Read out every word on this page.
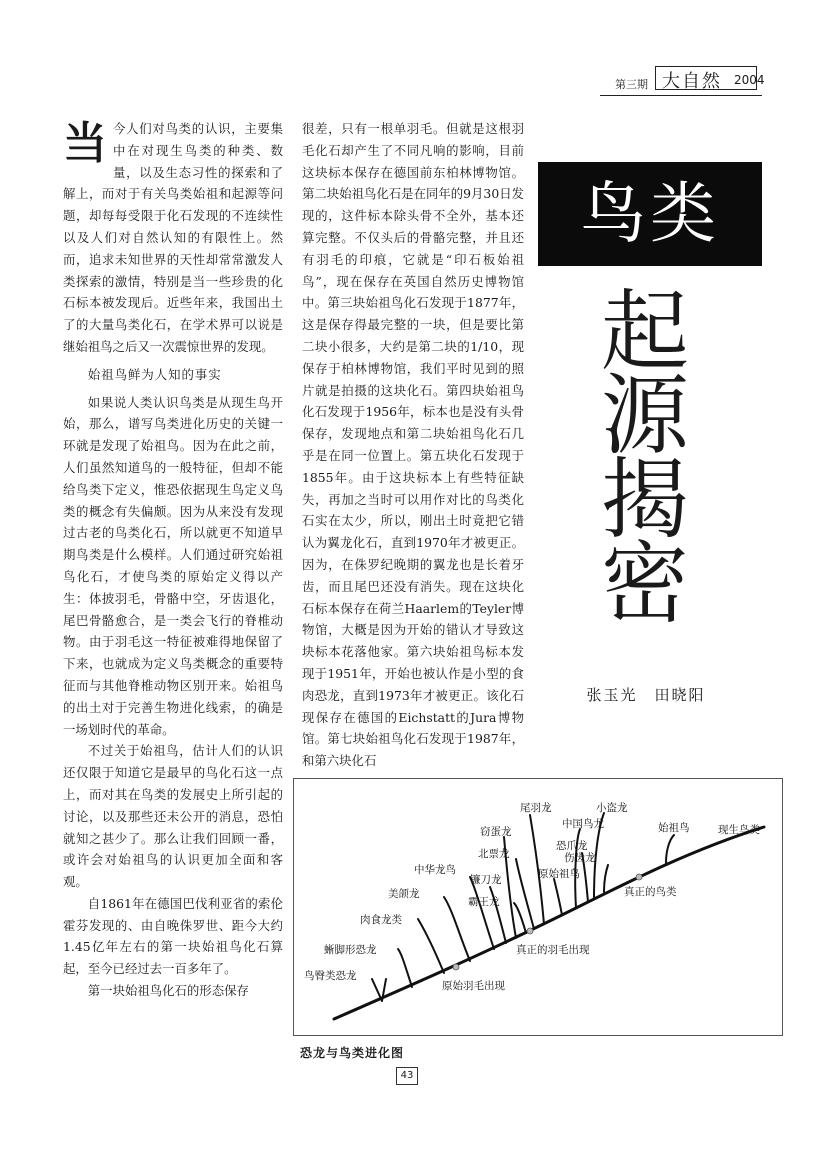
第三期 大自然 2004
鸟类
起
源
揭
密
张玉光　田晓阳

当今人们对鸟类的认识，主要集中在对现生鸟类的种类、数量，以及生态习性的探索和了解上，而对于有关鸟类始祖和起源等问题，却每每受限于化石发现的不连续性以及人们对自然认知的有限性上。然而，追求未知世界的天性却常常激发人类探索的激情，特别是当一些珍贵的化石标本被发现后。近些年来，我国出土了的大量鸟类化石，在学术界可以说是继始祖鸟之后又一次震惊世界的发现。

始祖鸟鲜为人知的事实

如果说人类认识鸟类是从现生鸟开始，那么，谱写鸟类进化历史的关键一环就是发现了始祖鸟。因为在此之前，人们虽然知道鸟的一般特征，但却不能给鸟类下定义，惟恐依据现生鸟定义鸟类的概念有失偏颇。因为从来没有发现过古老的鸟类化石，所以就更不知道早期鸟类是什么模样。人们通过研究始祖鸟化石，才使鸟类的原始定义得以产生：体披羽毛，骨骼中空，牙齿退化，尾巴骨骼愈合，是一类会飞行的脊椎动物。由于羽毛这一特征被难得地保留了下来，也就成为定义鸟类概念的重要特征而与其他脊椎动物区别开来。始祖鸟的出土对于完善生物进化线索，的确是一场划时代的革命。

不过关于始祖鸟，估计人们的认识还仅限于知道它是最早的鸟化石这一点上，而对其在鸟类的发展史上所引起的讨论，以及那些还未公开的消息，恐怕就知之甚少了。那么让我们回顾一番，或许会对始祖鸟的认识更加全面和客观。

自1861年在德国巴伐利亚省的索伦霍芬发现的、由自晚侏罗世、距今大约1.45亿年左右的第一块始祖鸟化石算起，至今已经过去一百多年了。

第一块始祖鸟化石的形态保存

很差，只有一根单羽毛。但就是这根羽毛化石却产生了不同凡响的影响，目前这块标本保存在德国前东柏林博物馆。第二块始祖鸟化石是在同年的9月30日发现的，这件标本除头骨不全外，基本还算完整。不仅头后的骨骼完整，并且还有羽毛的印痕，它就是“印石板始祖鸟”，现在保存在英国自然历史博物馆中。第三块始祖鸟化石发现于1877年，这是保存得最完整的一块，但是要比第二块小很多，大约是第二块的1/10，现保存于柏林博物馆，我们平时见到的照片就是拍摄的这块化石。第四块始祖鸟化石发现于1956年，标本也是没有头骨保存，发现地点和第二块始祖鸟化石几乎是在同一位置上。第五块化石发现于1855年。由于这块标本上有些特征缺失，再加之当时可以用作对比的鸟类化石实在太少，所以，刚出土时竟把它错认为翼龙化石，直到1970年才被更正。因为，在侏罗纪晚期的翼龙也是长着牙齿，而且尾巴还没有消失。现在这块化石标本保存在荷兰Haarlem的Teyler博物馆，大概是因为开始的错认才导致这块标本花落他家。第六块始祖鸟标本发现于1951年，开始也被认作是小型的食肉恐龙，直到1973年才被更正。该化石现保存在德国的Eichstatt的Jura博物馆。第七块始祖鸟化石发现于1987年，和第六块化石

鸟臀类恐龙
蜥脚形恐龙
肉食龙类
美颌龙
中华龙鸟
镰刀龙
霸王龙
窃蛋龙
北票龙
尾羽龙
原始祖鸟
中国鸟龙
小盗龙
恐爪龙
伤齿龙
始祖鸟	现生鸟类
原始羽毛出现
真正的羽毛出现
真正的鸟类
恐龙与鸟类进化图
43
